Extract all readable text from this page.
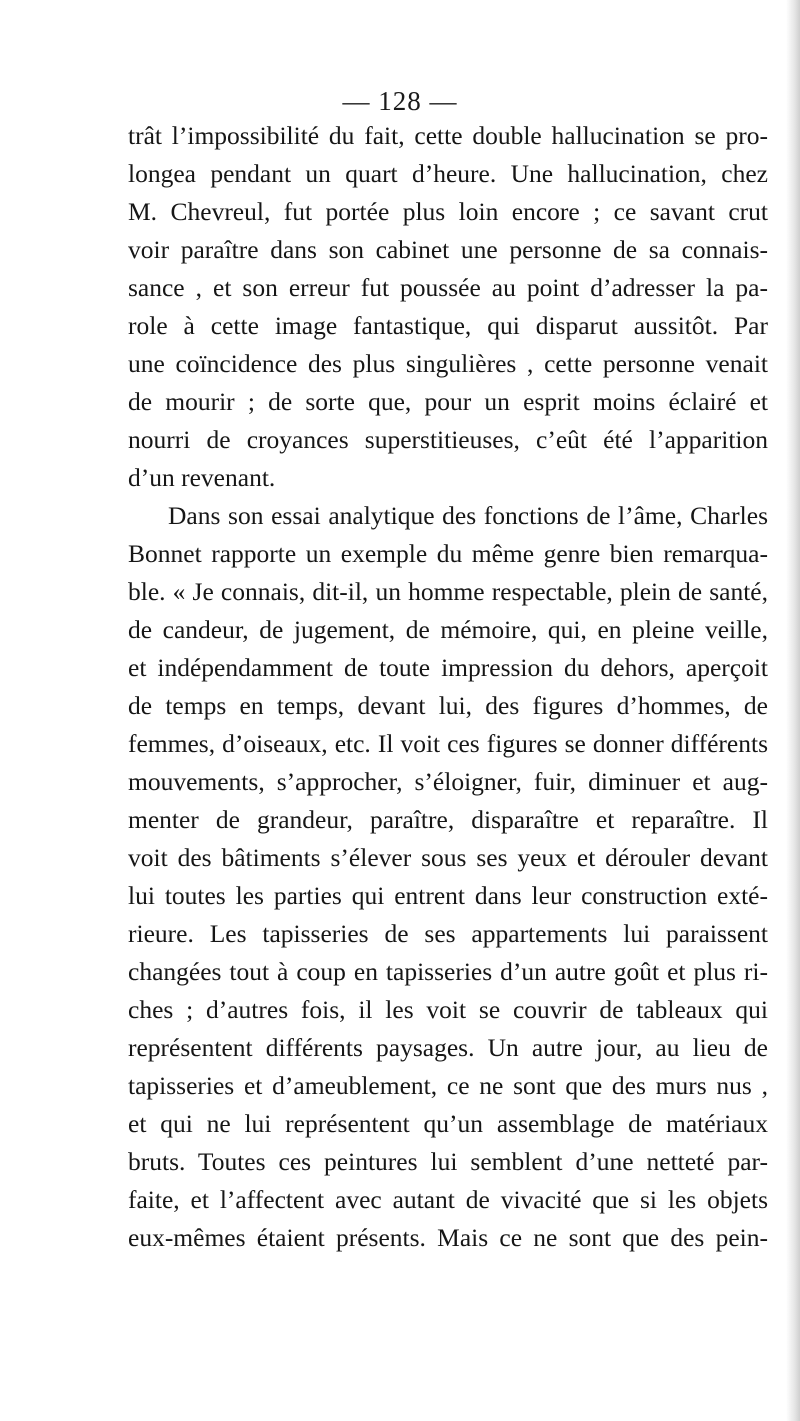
— 128 —
trât l’impossibilité du fait, cette double hallucination se pro-
longea pendant un quart d’heure. Une hallucination, chez
M. Chevreul, fut portée plus loin encore ; ce savant crut
voir paraître dans son cabinet une personne de sa connais-
sance , et son erreur fut poussée au point d’adresser la pa-
role à cette image fantastique, qui disparut aussitôt. Par
une coïncidence des plus singulières , cette personne venait
de mourir ; de sorte que, pour un esprit moins éclairé et
nourri de croyances superstitieuses, c’eût été l’apparition
d’un revenant.
Dans son essai analytique des fonctions de l’âme, Charles
Bonnet rapporte un exemple du même genre bien remarqua-
ble. « Je connais, dit-il, un homme respectable, plein de santé,
de candeur, de jugement, de mémoire, qui, en pleine veille,
et indépendamment de toute impression du dehors, aperçoit
de temps en temps, devant lui, des figures d’hommes, de
femmes, d’oiseaux, etc. Il voit ces figures se donner différents
mouvements, s’approcher, s’éloigner, fuir, diminuer et aug-
menter de grandeur, paraître, disparaître et reparaître. Il
voit des bâtiments s’élever sous ses yeux et dérouler devant
lui toutes les parties qui entrent dans leur construction exté-
rieure. Les tapisseries de ses appartements lui paraissent
changées tout à coup en tapisseries d’un autre goût et plus ri-
ches ; d’autres fois, il les voit se couvrir de tableaux qui
représentent différents paysages. Un autre jour, au lieu de
tapisseries et d’ameublement, ce ne sont que des murs nus ,
et qui ne lui représentent qu’un assemblage de matériaux
bruts. Toutes ces peintures lui semblent d’une netteté par-
faite, et l’affectent avec autant de vivacité que si les objets
eux-mêmes étaient présents. Mais ce ne sont que des pein-
